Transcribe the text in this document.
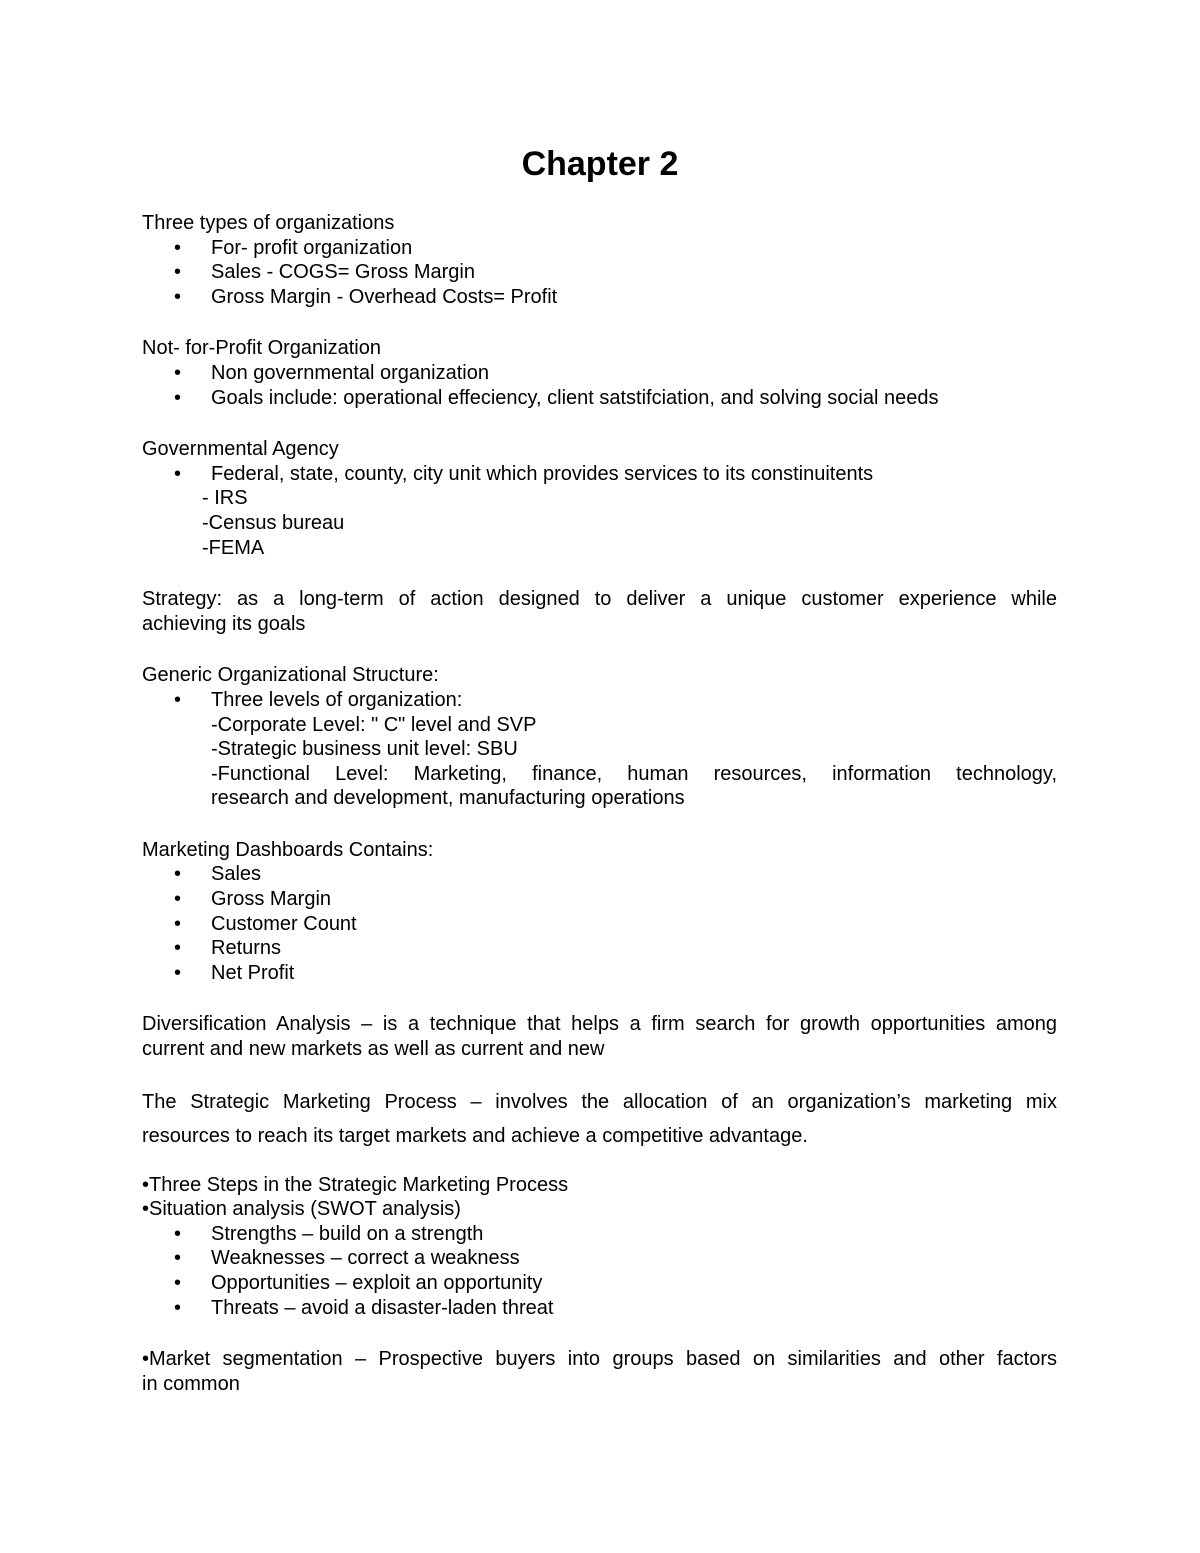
Chapter 2
Three types of organizations
• For- profit organization
• Sales - COGS= Gross Margin
• Gross Margin - Overhead Costs= Profit
Not- for-Profit Organization
• Non governmental organization
• Goals include: operational effeciency, client satstifciation, and solving social needs
Governmental Agency
• Federal, state, county, city unit which provides services to its constinuitents
- IRS
-Census bureau
-FEMA
Strategy: as a long-term of action designed to deliver a unique customer experience while
achieving its goals
Generic Organizational Structure:
• Three levels of organization:
-Corporate Level: " C" level and SVP
-Strategic business unit level: SBU
-Functional Level: Marketing, finance, human resources, information technology,
research and development, manufacturing operations
Marketing Dashboards Contains:
• Sales
• Gross Margin
• Customer Count
• Returns
• Net Profit
Diversification Analysis – is a technique that helps a firm search for growth opportunities among
current and new markets as well as current and new
The Strategic Marketing Process – involves the allocation of an organization’s marketing mix
resources to reach its target markets and achieve a competitive advantage.
•Three Steps in the Strategic Marketing Process
•Situation analysis (SWOT analysis)
• Strengths – build on a strength
• Weaknesses – correct a weakness
• Opportunities – exploit an opportunity
• Threats – avoid a disaster-laden threat
•Market segmentation – Prospective buyers into groups based on similarities and other factors
in common
